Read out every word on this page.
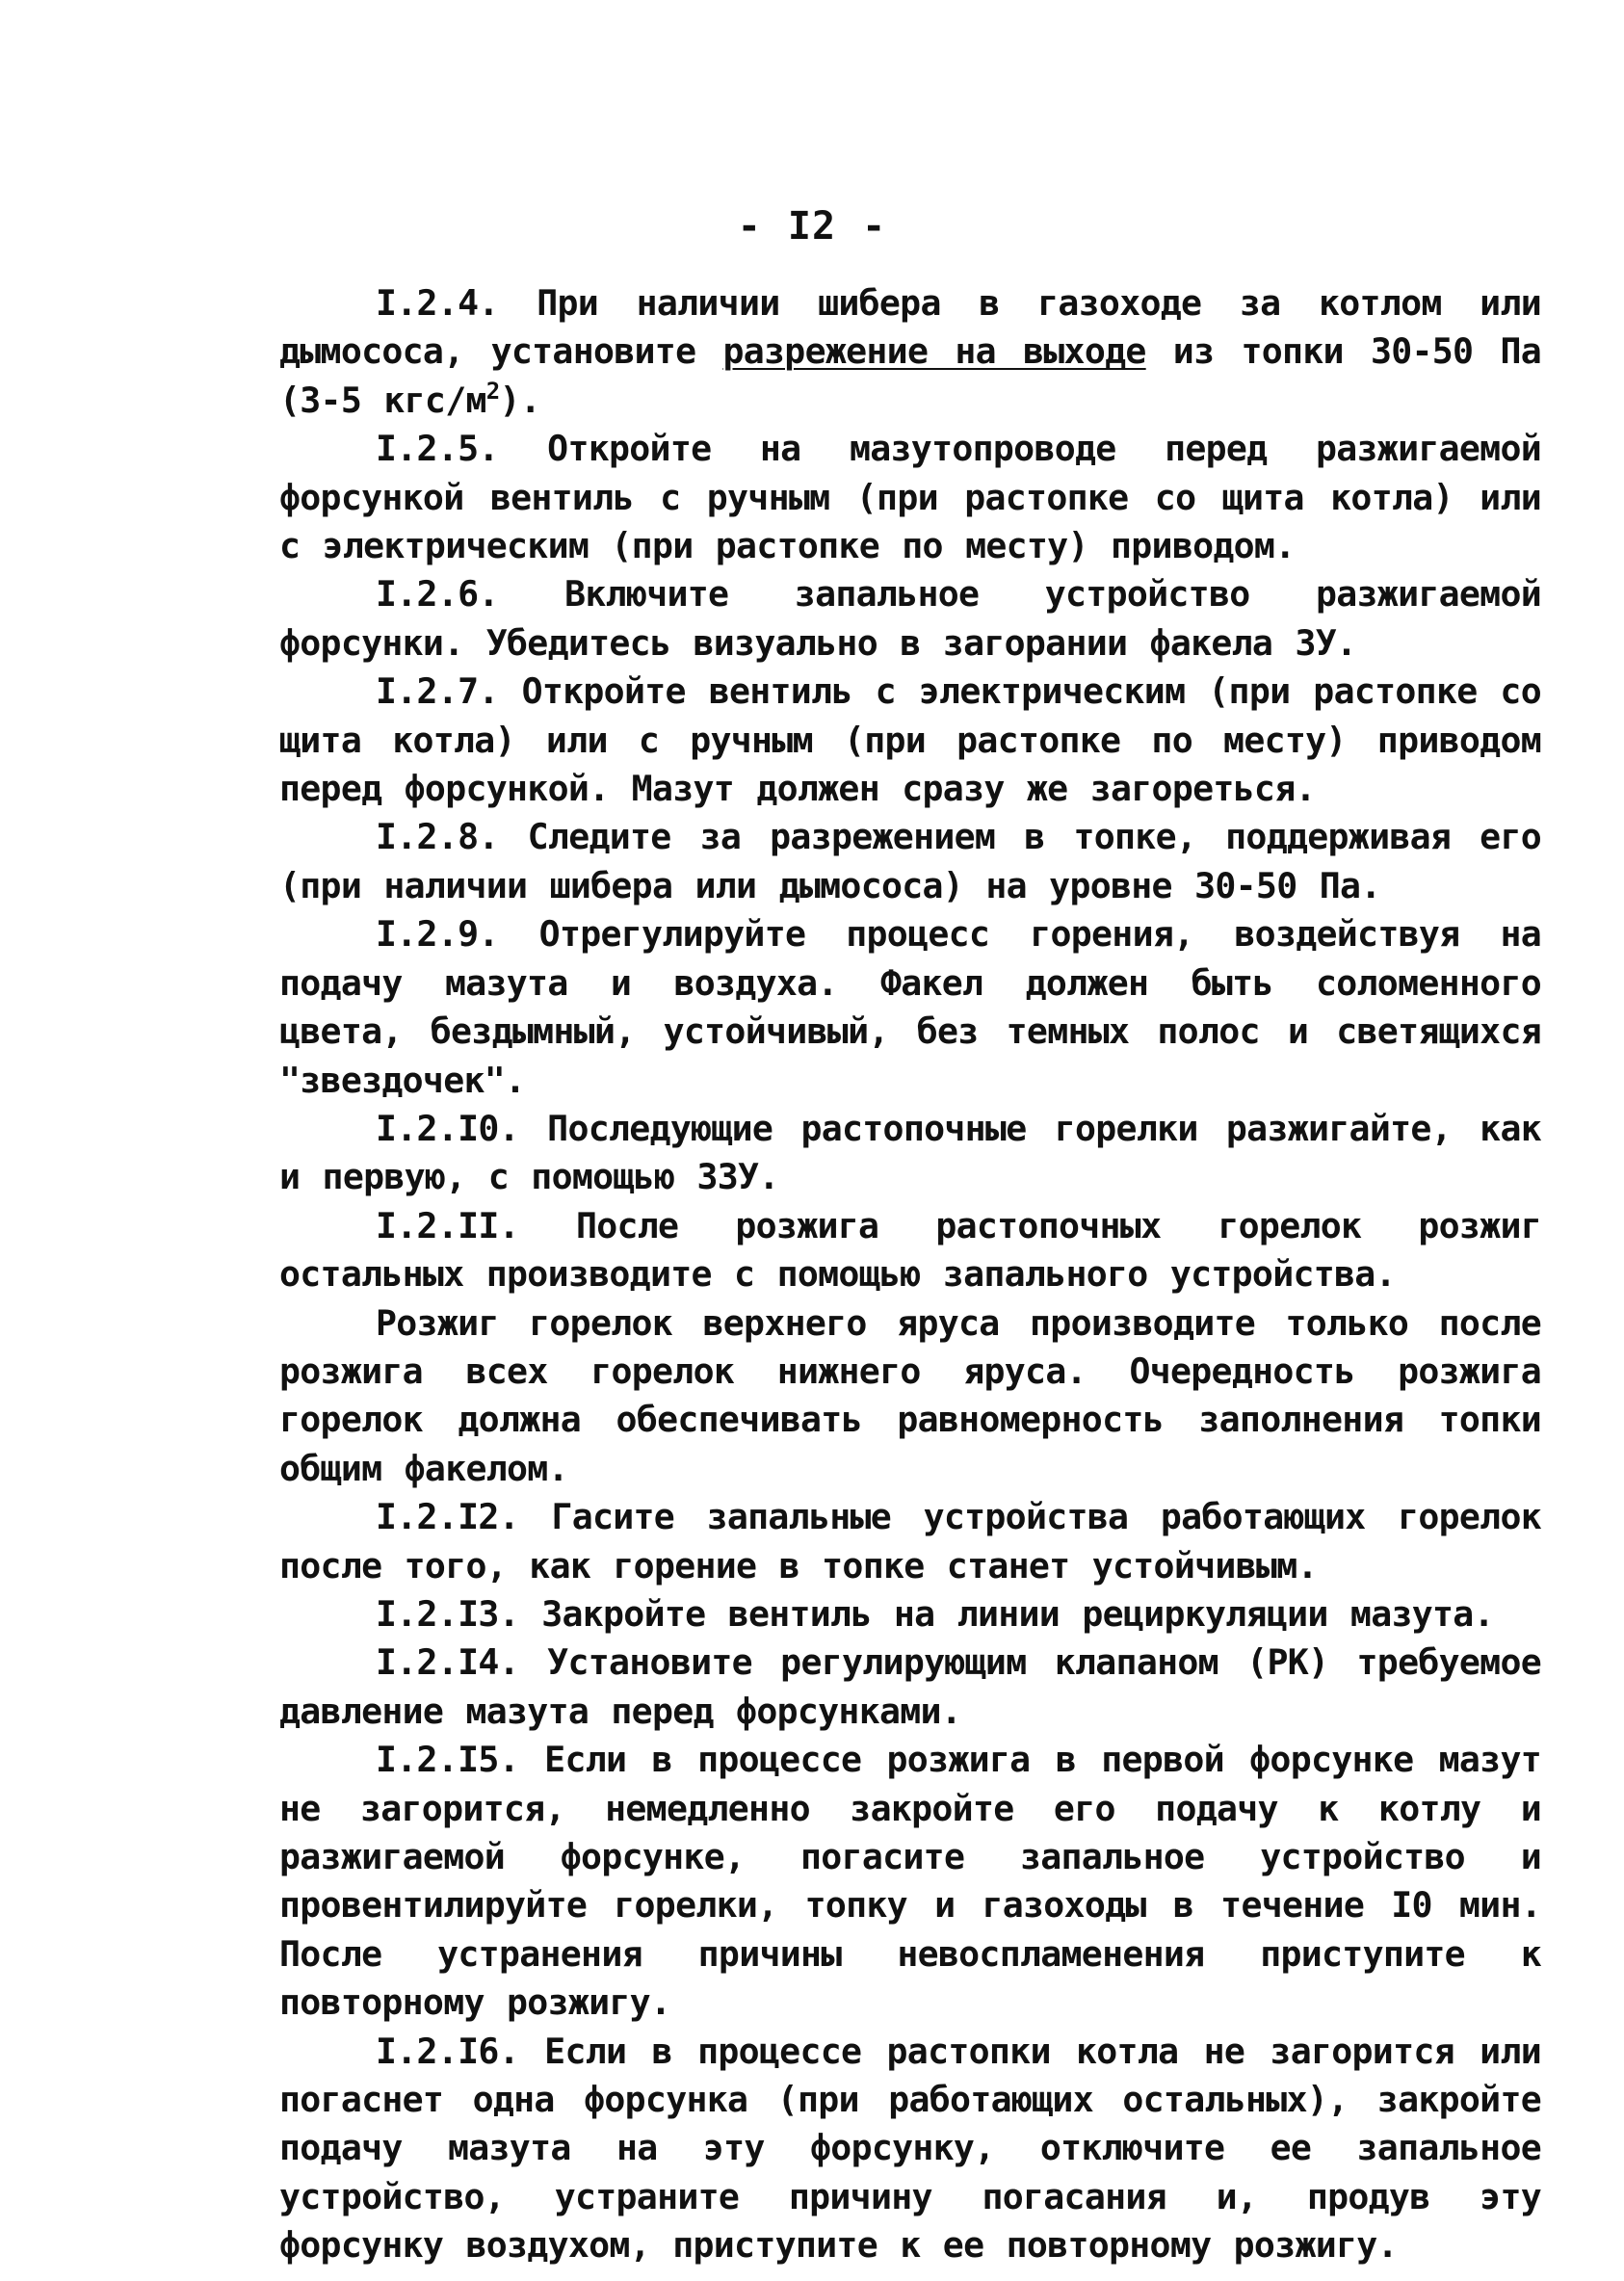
- I2 -

I.2.4. При наличии шибера в газоходе за котлом или дымососа, установите разрежение на выходе из топки 30-50 Па (3-5 кгс/$м^2$).

I.2.5. Откройте на мазутопроводе перед разжигаемой форсункой вентиль с ручным (при растопке со щита котла) или с электрическим (при растопке по месту) приводом.

I.2.6. Включите запальное устройство разжигаемой форсунки. Убедитесь визуально в загорании факела ЗУ.

I.2.7. Откройте вентиль с электрическим (при растопке со щита котла) или с ручным (при растопке по месту) приводом перед форсункой. Мазут должен сразу же загореться.

I.2.8. Следите за разрежением в топке, поддерживая его (при наличии шибера или дымососа) на уровне 30-50 Па.

I.2.9. Отрегулируйте процесс горения, воздействуя на подачу мазута и воздуха. Факел должен быть соломенного цвета, бездымный, устойчивый, без темных полос и светящихся "звездочек".

I.2.I0. Последующие растопочные горелки разжигайте, как и первую, с помощью ЗЗУ.

I.2.II. После розжига растопочных горелок розжиг остальных производите с помощью запального устройства.

Розжиг горелок верхнего яруса производите только после розжига всех горелок нижнего яруса. Очередность розжига горелок должна обеспечивать равномерность заполнения топки общим факелом.

I.2.I2. Гасите запальные устройства работающих горелок после того, как горение в топке станет устойчивым.

I.2.I3. Закройте вентиль на линии рециркуляции мазута.

I.2.I4. Установите регулирующим клапаном (РК) требуемое давление мазута перед форсунками.

I.2.I5. Если в процессе розжига в первой форсунке мазут не загорится, немедленно закройте его подачу к котлу и разжигаемой форсунке, погасите запальное устройство и провентилируйте горелки, топку и газоходы в течение I0 мин. После устранения причины невоспламенения приступите к повторному розжигу.

I.2.I6. Если в процессе растопки котла не загорится или погаснет одна форсунка (при работающих остальных), закройте подачу мазута на эту форсунку, отключите ее запальное устройство, устраните причину погасания и, продув эту форсунку воздухом, приступите к ее повторному розжигу.
